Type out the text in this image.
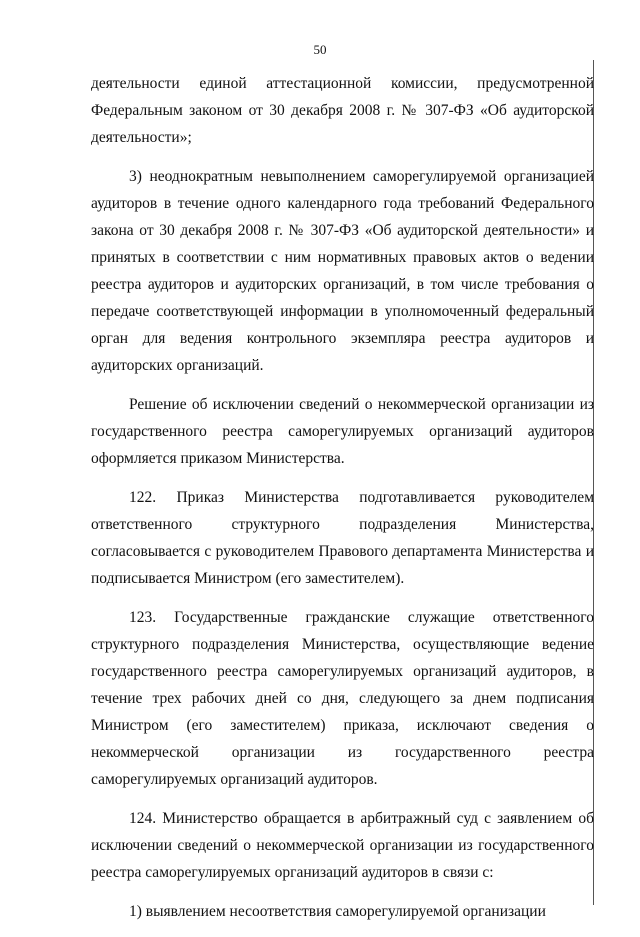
50

деятельности единой аттестационной комиссии, предусмотренной Федеральным законом от 30 декабря 2008 г. № 307-ФЗ «Об аудиторской деятельности»;

3) неоднократным невыполнением саморегулируемой организацией аудиторов в течение одного календарного года требований Федерального закона от 30 декабря 2008 г. № 307-ФЗ «Об аудиторской деятельности» и принятых в соответствии с ним нормативных правовых актов о ведении реестра аудиторов и аудиторских организаций, в том числе требования о передаче соответствующей информации в уполномоченный федеральный орган для ведения контрольного экземпляра реестра аудиторов и аудиторских организаций.

Решение об исключении сведений о некоммерческой организации из государственного реестра саморегулируемых организаций аудиторов оформляется приказом Министерства.

122. Приказ Министерства подготавливается руководителем ответственного структурного подразделения Министерства, согласовывается с руководителем Правового департамента Министерства и подписывается Министром (его заместителем).

123. Государственные гражданские служащие ответственного структурного подразделения Министерства, осуществляющие ведение государственного реестра саморегулируемых организаций аудиторов, в течение трех рабочих дней со дня, следующего за днем подписания Министром (его заместителем) приказа, исключают сведения о некоммерческой организации из государственного реестра саморегулируемых организаций аудиторов.

124. Министерство обращается в арбитражный суд с заявлением об исключении сведений о некоммерческой организации из государственного реестра саморегулируемых организаций аудиторов в связи с:

1) выявлением несоответствия саморегулируемой организации
